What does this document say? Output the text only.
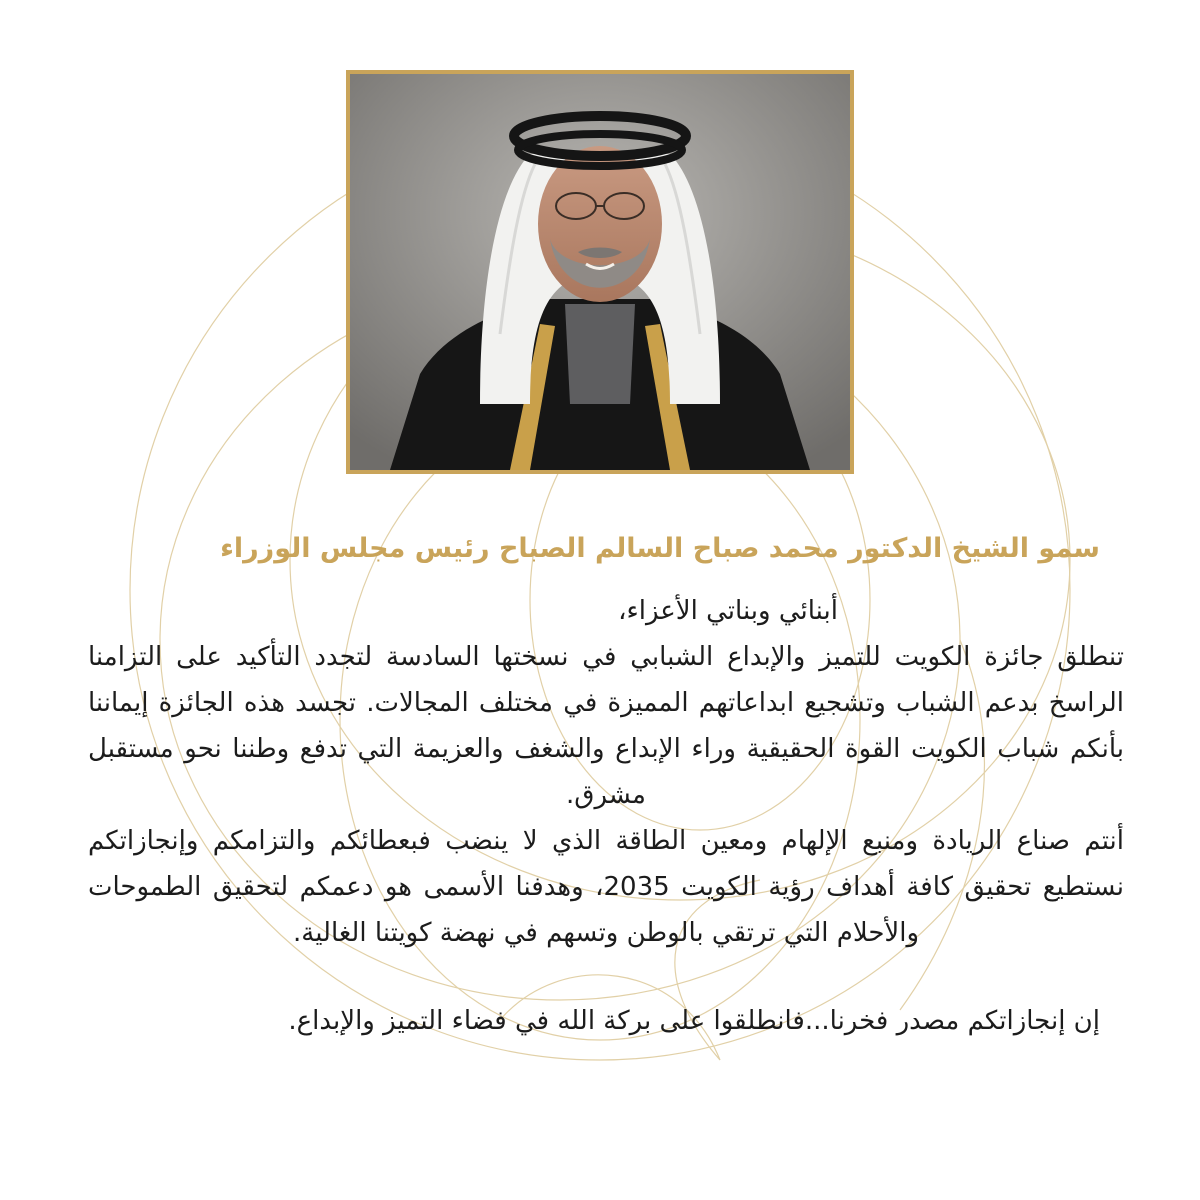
سمو الشيخ الدكتور محمد صباح السالم الصباح رئيس مجلس الوزراء

أبنائي وبناتي الأعزاء،

تنطلق جائزة الكويت للتميز والإبداع الشبابي في نسختها السادسة لتجدد التأكيد على التزامنا الراسخ بدعم الشباب وتشجيع ابداعاتهم المميزة في مختلف المجالات. تجسد هذه الجائزة إيماننا بأنكم شباب الكويت القوة الحقيقية وراء الإبداع والشغف والعزيمة التي تدفع وطننا نحو مستقبل مشرق.

أنتم صناع الريادة ومنبع الإلهام ومعين الطاقة الذي لا ينضب فبعطائكم والتزامكم وإنجازاتكم نستطيع تحقيق كافة أهداف رؤية الكويت 2035، وهدفنا الأسمى هو دعمكم لتحقيق الطموحات والأحلام التي ترتقي بالوطن وتسهم في نهضة كويتنا الغالية.

إن إنجازاتكم مصدر فخرنا...فانطلقوا على بركة الله في فضاء التميز والإبداع.
